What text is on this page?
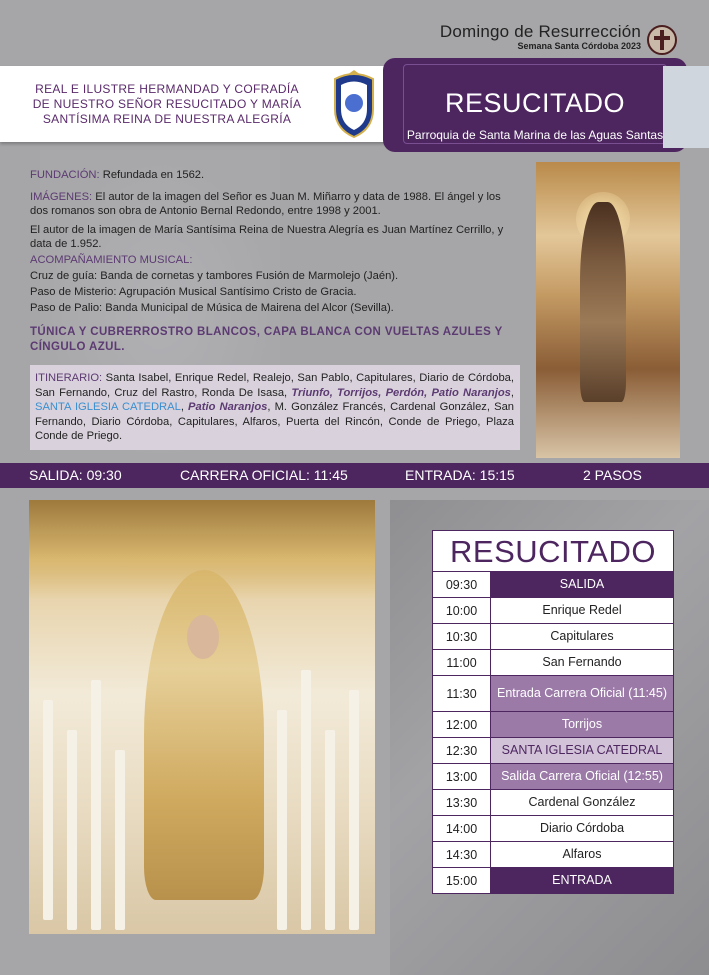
Domingo de Resurrección
Semana Santa Córdoba 2023
REAL E ILUSTRE HERMANDAD Y COFRADÍA
DE NUESTRO SEÑOR RESUCITADO Y MARÍA
SANTÍSIMA REINA DE NUESTRA ALEGRÍA
RESUCITADO
Parroquia de Santa Marina de las Aguas Santas

FUNDACIÓN: Refundada en 1562.

IMÁGENES: El autor de la imagen del Señor es Juan M. Miñarro y data de 1988. El ángel y los dos romanos son obra de Antonio Bernal Redondo, entre 1998 y 2001.

El autor de la imagen de María Santísima Reina de Nuestra Alegría es Juan Martínez Cerrillo, y data de 1.952.

ACOMPAÑAMIENTO MUSICAL:

Cruz de guía: Banda de cornetas y tambores Fusión de Marmolejo (Jaén).

Paso de Misterio: Agrupación Musical Santísimo Cristo de Gracia.

Paso de Palio: Banda Municipal de Música de Mairena del Alcor (Sevilla).

TÚNICA Y CUBRERROSTRO BLANCOS, CAPA BLANCA CON VUELTAS AZULES Y CÍNGULO AZUL.

ITINERARIO: Santa Isabel, Enrique Redel, Realejo, San Pablo, Capitulares, Diario de Córdoba, San Fernando, Cruz del Rastro, Ronda De Isasa, Triunfo, Torrijos, Perdón, Patio Naranjos, SANTA IGLESIA CATEDRAL, Patio Naranjos, M. González Francés, Cardenal González, San Fernando, Diario Córdoba, Capitulares, Alfaros, Puerta del Rincón, Conde de Priego, Plaza Conde de Priego.
SALIDA: 09:30	CARRERA OFICIAL: 11:45	ENTRADA: 15:15	2 PASOS
RESUCITADO
09:30	SALIDA
10:00	Enrique Redel
10:30	Capitulares
11:00	San Fernando
11:30	Entrada Carrera Oficial (11:45)
12:00	Torrijos
12:30	SANTA IGLESIA CATEDRAL
13:00	Salida Carrera Oficial (12:55)
13:30	Cardenal González
14:00	Diario Córdoba
14:30	Alfaros
15:00	ENTRADA
